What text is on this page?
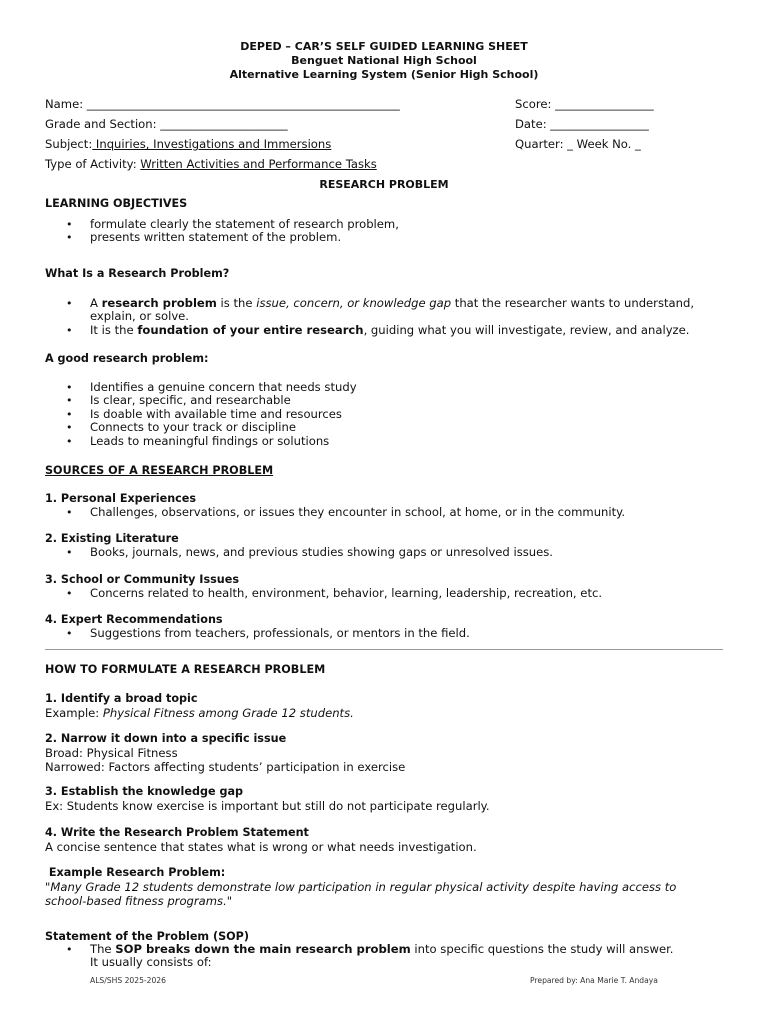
DEPED – CAR’S SELF GUIDED LEARNING SHEET
Benguet National High School
Alternative Learning System (Senior High School)
Name: ______________________________________________________	Score: _________________
Grade and Section: ______________________	Date: _________________
Subject: Inquiries, Investigations and Immersions	Quarter: _ Week No. _
Type of Activity: Written Activities and Performance Tasks
RESEARCH PROBLEM
LEARNING OBJECTIVES
• formulate clearly the statement of research problem,
• presents written statement of the problem.
What Is a Research Problem?
• A research problem is the issue, concern, or knowledge gap that the researcher wants to understand, explain, or solve.
• It is the foundation of your entire research, guiding what you will investigate, review, and analyze.
A good research problem:
• Identifies a genuine concern that needs study
• Is clear, specific, and researchable
• Is doable with available time and resources
• Connects to your track or discipline
• Leads to meaningful findings or solutions
SOURCES OF A RESEARCH PROBLEM
1. Personal Experiences
• Challenges, observations, or issues they encounter in school, at home, or in the community.
2. Existing Literature
• Books, journals, news, and previous studies showing gaps or unresolved issues.
3. School or Community Issues
• Concerns related to health, environment, behavior, learning, leadership, recreation, etc.
4. Expert Recommendations
• Suggestions from teachers, professionals, or mentors in the field.
HOW TO FORMULATE A RESEARCH PROBLEM
1. Identify a broad topic
Example: Physical Fitness among Grade 12 students.
2. Narrow it down into a specific issue
Broad: Physical Fitness
Narrowed: Factors affecting students’ participation in exercise
3. Establish the knowledge gap
Ex: Students know exercise is important but still do not participate regularly.
4. Write the Research Problem Statement
A concise sentence that states what is wrong or what needs investigation.
Example Research Problem:
"Many Grade 12 students demonstrate low participation in regular physical activity despite having access to
school-based fitness programs."
Statement of the Problem (SOP)
• The SOP breaks down the main research problem into specific questions the study will answer.
It usually consists of:
ALS/SHS 2025-2026	Prepared by: Ana Marie T. Andaya
